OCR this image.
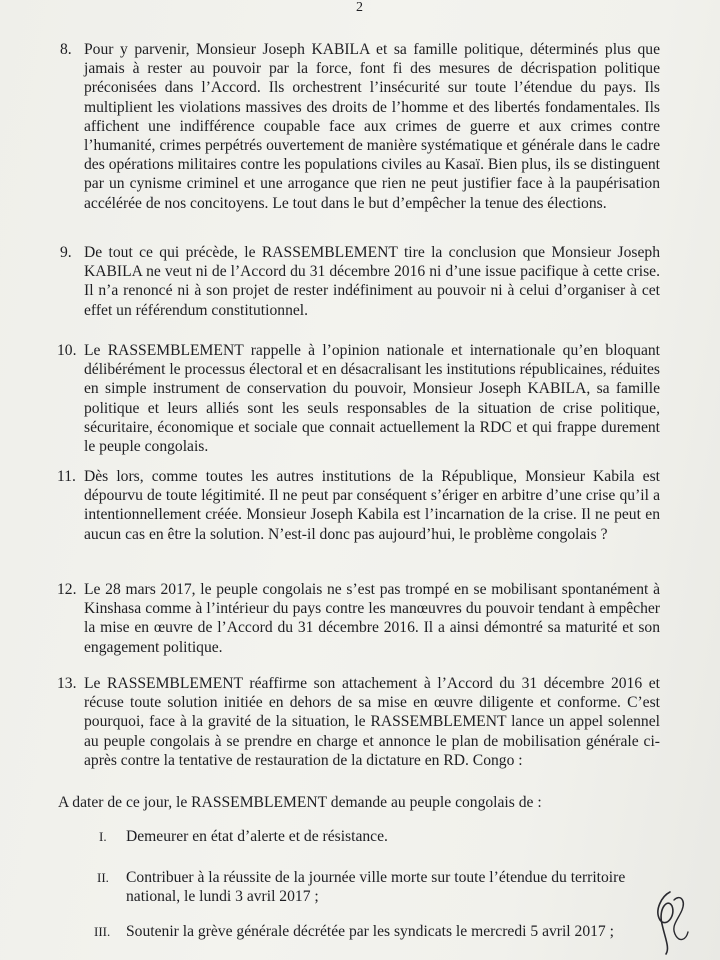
2
8. Pour y parvenir, Monsieur Joseph KABILA et sa famille politique, déterminés plus que jamais à rester au pouvoir par la force, font fi des mesures de décrispation politique préconisées dans l’Accord. Ils orchestrent l’insécurité sur toute l’étendue du pays. Ils multiplient les violations massives des droits de l’homme et des libertés fondamentales. Ils affichent une indifférence coupable face aux crimes de guerre et aux crimes contre l’humanité, crimes perpétrés ouvertement de manière systématique et générale dans le cadre des opérations militaires contre les populations civiles au Kasaï. Bien plus, ils se distinguent par un cynisme criminel et une arrogance que rien ne peut justifier face à la paupérisation accélérée de nos concitoyens. Le tout dans le but d’empêcher la tenue des élections.
9. De tout ce qui précède, le RASSEMBLEMENT tire la conclusion que Monsieur Joseph KABILA ne veut ni de l’Accord du 31 décembre 2016 ni d’une issue pacifique à cette crise. Il n’a renoncé ni à son projet de rester indéfiniment au pouvoir ni à celui d’organiser à cet effet un référendum constitutionnel.
10. Le RASSEMBLEMENT rappelle à l’opinion nationale et internationale qu’en bloquant délibérément le processus électoral et en désacralisant les institutions républicaines, réduites en simple instrument de conservation du pouvoir, Monsieur Joseph KABILA, sa famille politique et leurs alliés sont les seuls responsables de la situation de crise politique, sécuritaire, économique et sociale que connait actuellement la RDC et qui frappe durement le peuple congolais.
11. Dès lors, comme toutes les autres institutions de la République, Monsieur Kabila est dépourvu de toute légitimité. Il ne peut par conséquent s’ériger en arbitre d’une crise qu’il a intentionnellement créée. Monsieur Joseph Kabila est l’incarnation de la crise. Il ne peut en aucun cas en être la solution. N’est-il donc pas aujourd’hui, le problème congolais ?
12. Le 28 mars 2017, le peuple congolais ne s’est pas trompé en se mobilisant spontanément à Kinshasa comme à l’intérieur du pays contre les manœuvres du pouvoir tendant à empêcher la mise en œuvre de l’Accord du 31 décembre 2016. Il a ainsi démontré sa maturité et son engagement politique.
13. Le RASSEMBLEMENT réaffirme son attachement à l’Accord du 31 décembre 2016 et récuse toute solution initiée en dehors de sa mise en œuvre diligente et conforme. C’est pourquoi, face à la gravité de la situation, le RASSEMBLEMENT lance un appel solennel au peuple congolais à se prendre en charge et annonce le plan de mobilisation générale ci-après contre la tentative de restauration de la dictature en RD. Congo :
A dater de ce jour, le RASSEMBLEMENT demande au peuple congolais de :
I. Demeurer en état d’alerte et de résistance.
II. Contribuer à la réussite de la journée ville morte sur toute l’étendue du territoire national, le lundi 3 avril 2017 ;
III. Soutenir la grève générale décrétée par les syndicats le mercredi 5 avril 2017 ;
